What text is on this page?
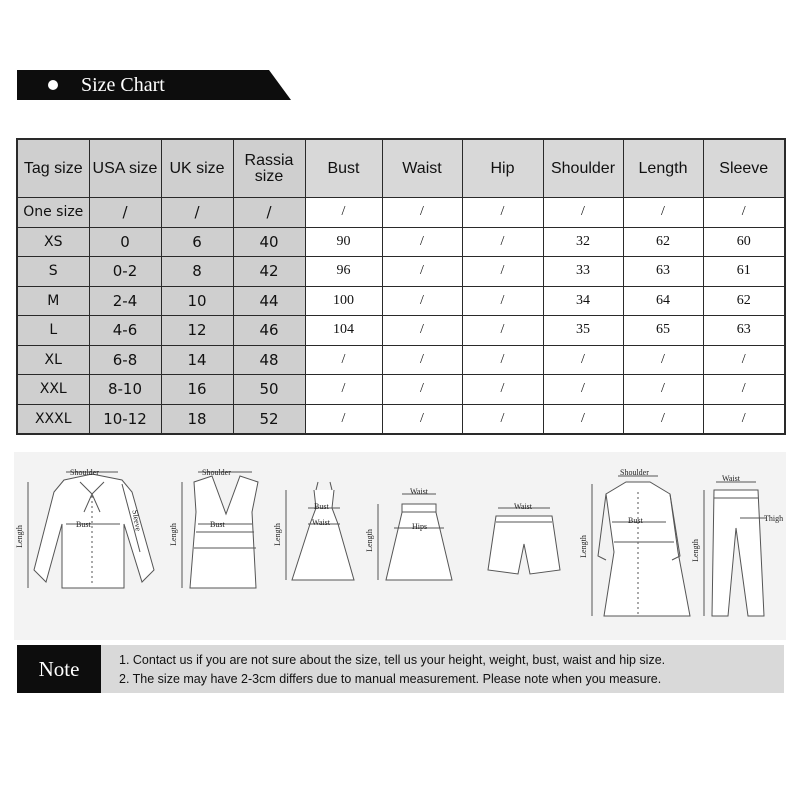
Size Chart
Tag size	USA size	UK size	Rassia size	Bust	Waist	Hip	Shoulder	Length	Sleeve
One size	/	/	/	/	/	/	/	/	/
XS	0	6	40	90	/	/	32	62	60
S	0-2	8	42	96	/	/	33	63	61
M	2-4	10	44	100	/	/	34	64	62
L	4-6	12	46	104	/	/	35	65	63
XL	6-8	14	48	/	/	/	/	/	/
XXL	8-10	16	50	/	/	/	/	/	/
XXXL	10-12	18	52	/	/	/	/	/	/
Shoulder
Bust
Length
Sleeve
Shoulder
Bust
Length
Bust
Waist
Length
Waist
Hips
Length
Waist
Shoulder
Bust
Length
Waist
Thigh
Length
Note	1. Contact us if you are not sure about the size, tell us your height, weight, bust, waist and hip size.
2. The size may have 2-3cm differs due to manual measurement. Please note when you measure.
